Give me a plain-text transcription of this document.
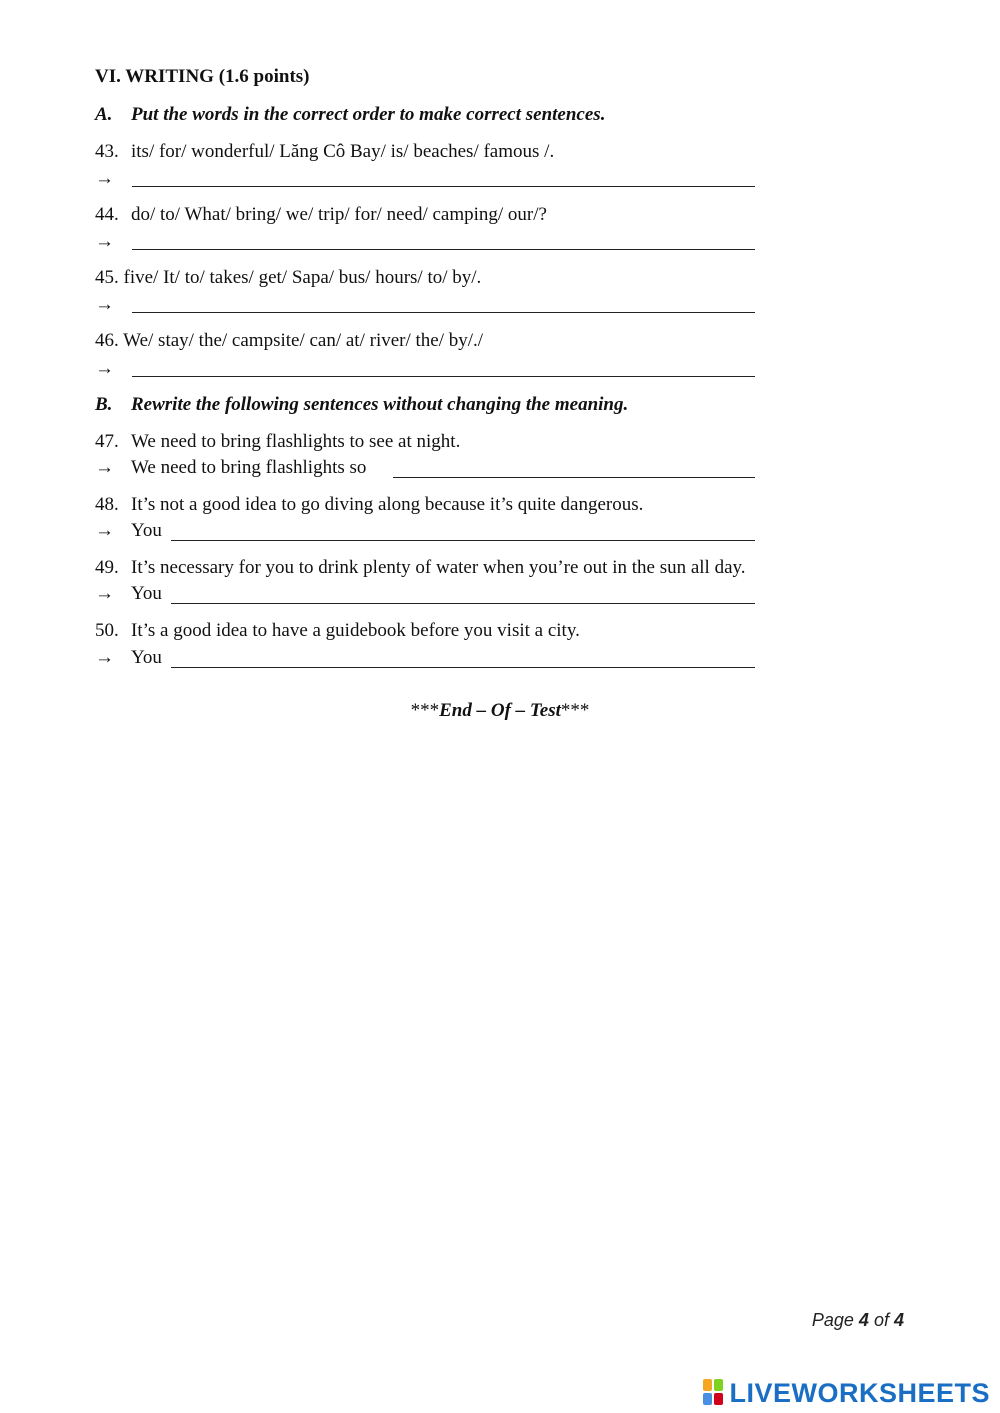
VI. WRITING (1.6 points)
A. Put the words in the correct order to make correct sentences.
43. its/ for/ wonderful/ Lăng Cô Bay/ is/ beaches/ famous /.
→
44. do/ to/ What/ bring/ we/ trip/ for/ need/ camping/ our/?
→
45. five/ It/ to/ takes/ get/ Sapa/ bus/ hours/ to/ by/.
→
46. We/ stay/ the/ campsite/ can/ at/ river/ the/ by/./
→
B. Rewrite the following sentences without changing the meaning.
47. We need to bring flashlights to see at night.
→ We need to bring flashlights so
48. It’s not a good idea to go diving along because it’s quite dangerous.
→ You
49. It’s necessary for you to drink plenty of water when you’re out in the sun all day.
→ You
50. It’s a good idea to have a guidebook before you visit a city.
→ You
***End – Of – Test***
Page 4 of 4
LIVEWORKSHEETS
